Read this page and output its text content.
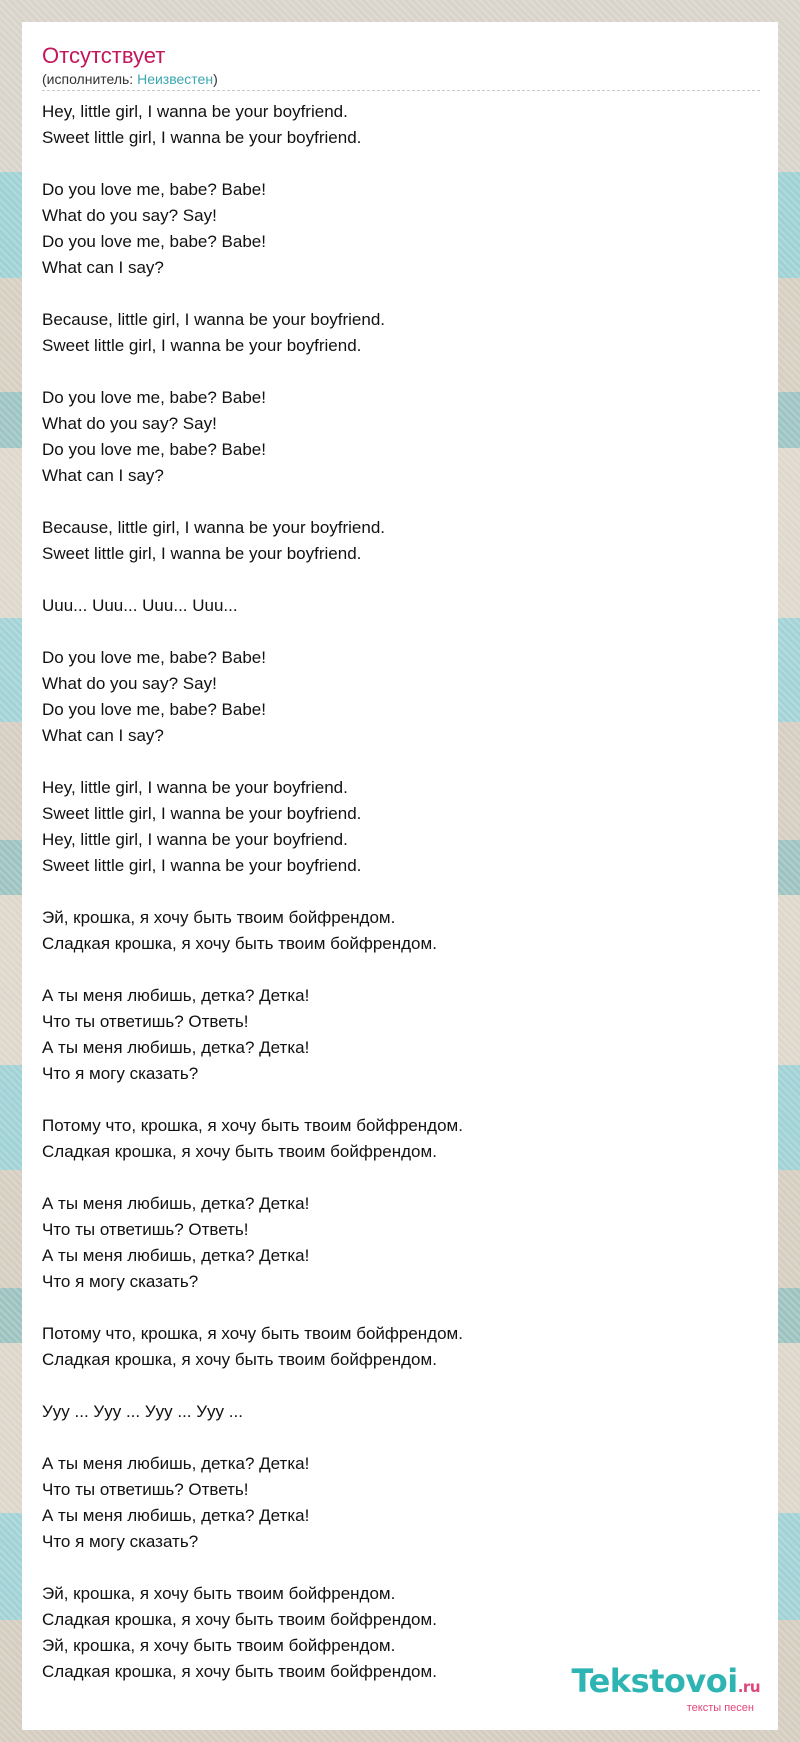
Отсутствует
(исполнитель: Неизвестен)
Hey, little girl, I wanna be your boyfriend.
Sweet little girl, I wanna be your boyfriend.
Do you love me, babe? Babe!
What do you say? Say!
Do you love me, babe? Babe!
What can I say?
Because, little girl, I wanna be your boyfriend.
Sweet little girl, I wanna be your boyfriend.
Do you love me, babe? Babe!
What do you say? Say!
Do you love me, babe? Babe!
What can I say?
Because, little girl, I wanna be your boyfriend.
Sweet little girl, I wanna be your boyfriend.
Uuu... Uuu... Uuu... Uuu...
Do you love me, babe? Babe!
What do you say? Say!
Do you love me, babe? Babe!
What can I say?
Hey, little girl, I wanna be your boyfriend.
Sweet little girl, I wanna be your boyfriend.
Hey, little girl, I wanna be your boyfriend.
Sweet little girl, I wanna be your boyfriend.
Эй, крошка, я хочу быть твоим бойфрендом.
Сладкая крошка, я хочу быть твоим бойфрендом.
А ты меня любишь, детка? Детка!
Что ты ответишь? Ответь!
А ты меня любишь, детка? Детка!
Что я могу сказать?
Потому что, крошка, я хочу быть твоим бойфрендом.
Сладкая крошка, я хочу быть твоим бойфрендом.
А ты меня любишь, детка? Детка!
Что ты ответишь? Ответь!
А ты меня любишь, детка? Детка!
Что я могу сказать?
Потому что, крошка, я хочу быть твоим бойфрендом.
Сладкая крошка, я хочу быть твоим бойфрендом.
Ууу ... Ууу ... Ууу ... Ууу ...
А ты меня любишь, детка? Детка!
Что ты ответишь? Ответь!
А ты меня любишь, детка? Детка!
Что я могу сказать?
Эй, крошка, я хочу быть твоим бойфрендом.
Сладкая крошка, я хочу быть твоим бойфрендом.
Эй, крошка, я хочу быть твоим бойфрендом.
Сладкая крошка, я хочу быть твоим бойфрендом.	Tekstovoi.ru
тексты песен
